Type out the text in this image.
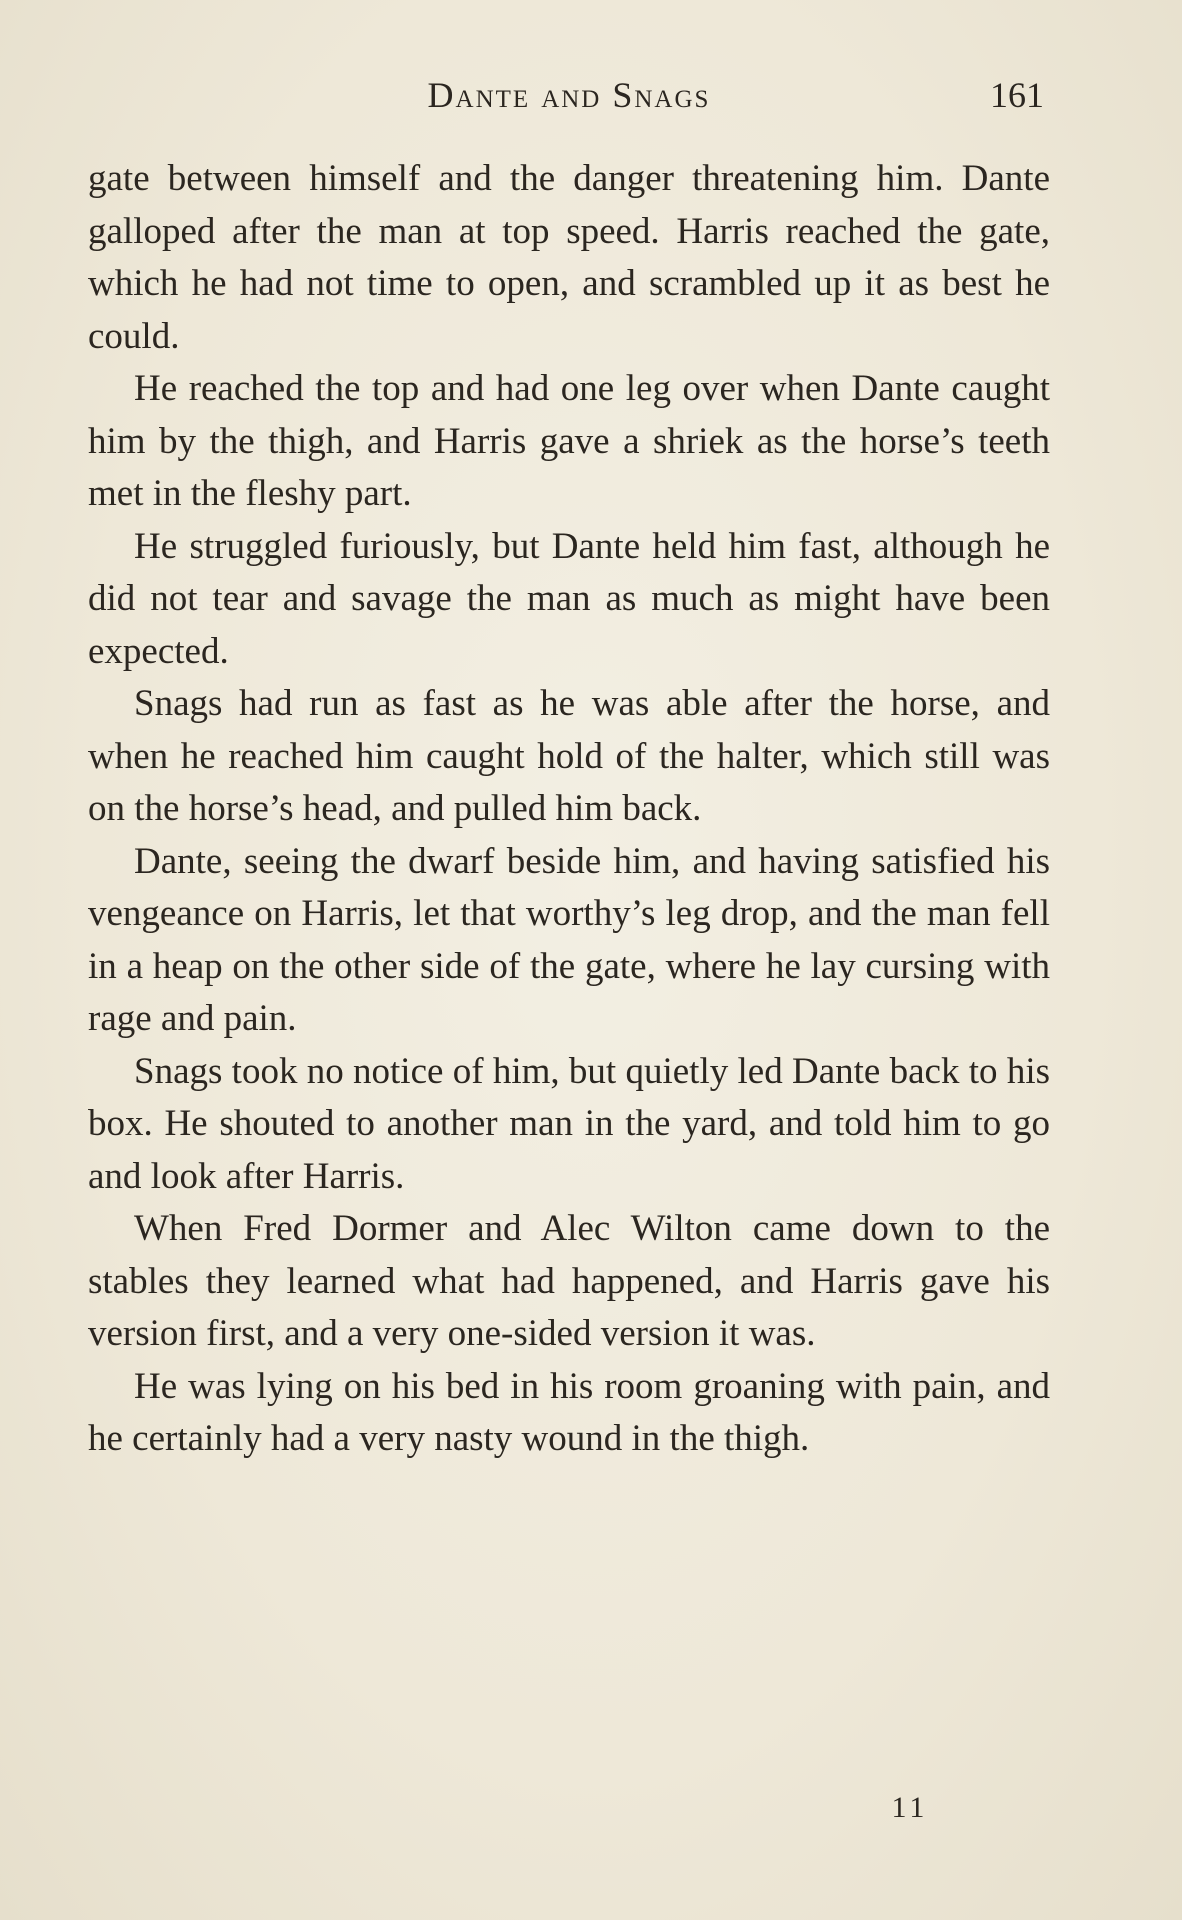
Dante and Snags	161

gate between himself and the danger threatening him. Dante galloped after the man at top speed. Harris reached the gate, which he had not time to open, and scrambled up it as best he could.

He reached the top and had one leg over when Dante caught him by the thigh, and Harris gave a shriek as the horse’s teeth met in the fleshy part.

He struggled furiously, but Dante held him fast, although he did not tear and savage the man as much as might have been expected.

Snags had run as fast as he was able after the horse, and when he reached him caught hold of the halter, which still was on the horse’s head, and pulled him back.

Dante, seeing the dwarf beside him, and having satisfied his vengeance on Harris, let that worthy’s leg drop, and the man fell in a heap on the other side of the gate, where he lay cursing with rage and pain.

Snags took no notice of him, but quietly led Dante back to his box. He shouted to another man in the yard, and told him to go and look after Harris.

When Fred Dormer and Alec Wilton came down to the stables they learned what had happened, and Harris gave his version first, and a very one-sided version it was.

He was lying on his bed in his room groaning with pain, and he certainly had a very nasty wound in the thigh.

11
